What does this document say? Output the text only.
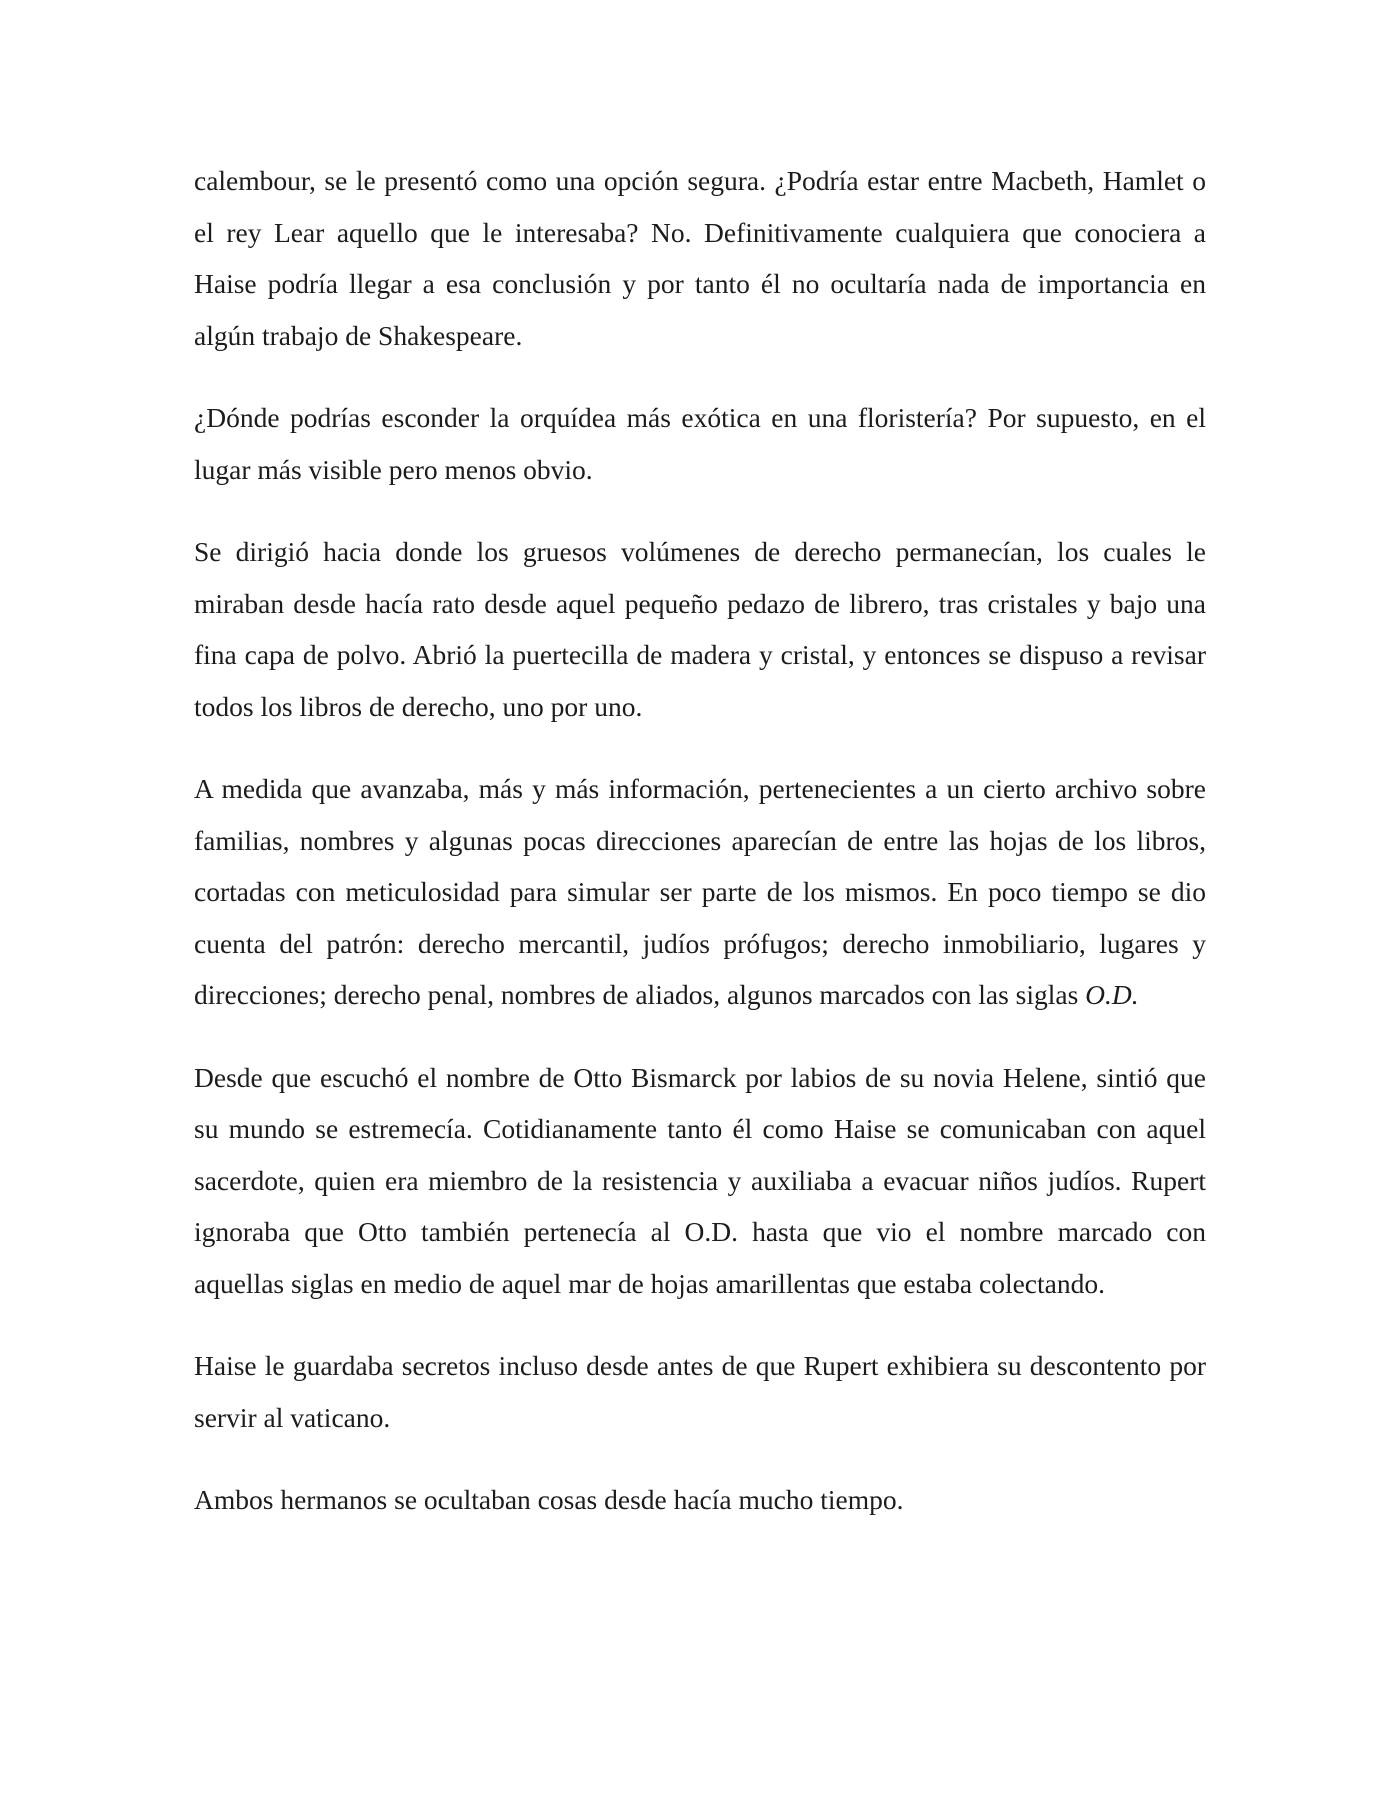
calembour, se le presentó como una opción segura. ¿Podría estar entre Macbeth, Hamlet o el rey Lear aquello que le interesaba? No. Definitivamente cualquiera que conociera a Haise podría llegar a esa conclusión y por tanto él no ocultaría nada de importancia en algún trabajo de Shakespeare.

¿Dónde podrías esconder la orquídea más exótica en una floristería? Por supuesto, en el lugar más visible pero menos obvio.

Se dirigió hacia donde los gruesos volúmenes de derecho permanecían, los cuales le miraban desde hacía rato desde aquel pequeño pedazo de librero, tras cristales y bajo una fina capa de polvo. Abrió la puertecilla de madera y cristal, y entonces se dispuso a revisar todos los libros de derecho, uno por uno.

A medida que avanzaba, más y más información, pertenecientes a un cierto archivo sobre familias, nombres y algunas pocas direcciones aparecían de entre las hojas de los libros, cortadas con meticulosidad para simular ser parte de los mismos. En poco tiempo se dio cuenta del patrón: derecho mercantil, judíos prófugos; derecho inmobiliario, lugares y direcciones; derecho penal, nombres de aliados, algunos marcados con las siglas O.D.

Desde que escuchó el nombre de Otto Bismarck por labios de su novia Helene, sintió que su mundo se estremecía. Cotidianamente tanto él como Haise se comunicaban con aquel sacerdote, quien era miembro de la resistencia y auxiliaba a evacuar niños judíos. Rupert ignoraba que Otto también pertenecía al O.D. hasta que vio el nombre marcado con aquellas siglas en medio de aquel mar de hojas amarillentas que estaba colectando.

Haise le guardaba secretos incluso desde antes de que Rupert exhibiera su descontento por servir al vaticano.

Ambos hermanos se ocultaban cosas desde hacía mucho tiempo.
